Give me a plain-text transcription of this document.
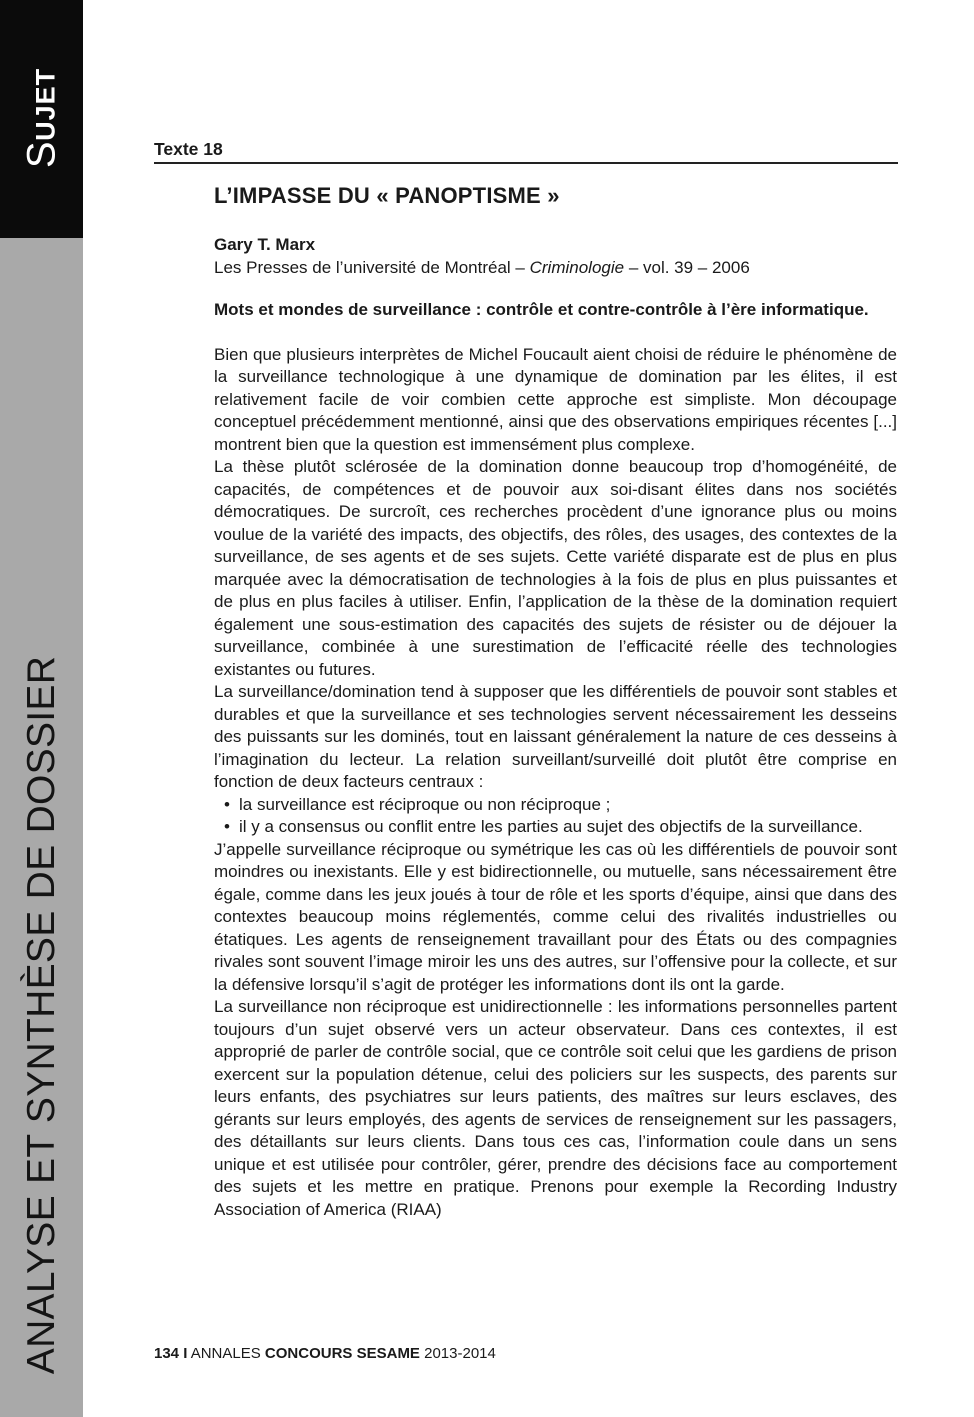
SUJET
ANALYSE ET SYNTHÈSE DE DOSSIER
Texte 18
L’IMPASSE DU « PANOPTISME »
Gary T. Marx
Les Presses de l’université de Montréal – Criminologie – vol. 39 – 2006
Mots et mondes de surveillance : contrôle et contre-contrôle à l’ère informatique.

Bien que plusieurs interprètes de Michel Foucault aient choisi de réduire le phénomène de la surveillance technologique à une dynamique de domination par les élites, il est relativement facile de voir combien cette approche est simpliste. Mon découpage conceptuel précédemment mentionné, ainsi que des observations empiriques récentes [...] montrent bien que la question est immensément plus complexe.

La thèse plutôt sclérosée de la domination donne beaucoup trop d’homogénéité, de capacités, de compétences et de pouvoir aux soi-disant élites dans nos sociétés démocratiques. De surcroît, ces recherches procèdent d’une ignorance plus ou moins voulue de la variété des impacts, des objectifs, des rôles, des usages, des contextes de la surveillance, de ses agents et de ses sujets. Cette variété disparate est de plus en plus marquée avec la démocratisation de technologies à la fois de plus en plus puissantes et de plus en plus faciles à utiliser. Enfin, l’application de la thèse de la domination requiert également une sous-estimation des capacités des sujets de résister ou de déjouer la surveillance, combinée à une surestimation de l’efficacité réelle des technologies existantes ou futures.

La surveillance/domination tend à supposer que les différentiels de pouvoir sont stables et durables et que la surveillance et ses technologies servent nécessairement les desseins des puissants sur les dominés, tout en laissant généralement la nature de ces desseins à l’imagination du lecteur. La relation surveillant/surveillé doit plutôt être comprise en fonction de deux facteurs centraux :

• la surveillance est réciproque ou non réciproque ;
• il y a consensus ou conflit entre les parties au sujet des objectifs de la surveillance.

J’appelle surveillance réciproque ou symétrique les cas où les différentiels de pouvoir sont moindres ou inexistants. Elle y est bidirectionnelle, ou mutuelle, sans nécessairement être égale, comme dans les jeux joués à tour de rôle et les sports d’équipe, ainsi que dans des contextes beaucoup moins réglementés, comme celui des rivalités industrielles ou étatiques. Les agents de renseignement travaillant pour des États ou des compagnies rivales sont souvent l’image miroir les uns des autres, sur l’offensive pour la collecte, et sur la défensive lorsqu’il s’agit de protéger les informations dont ils ont la garde.

La surveillance non réciproque est unidirectionnelle : les informations personnelles partent toujours d’un sujet observé vers un acteur observateur. Dans ces contextes, il est approprié de parler de contrôle social, que ce contrôle soit celui que les gardiens de prison exercent sur la population détenue, celui des policiers sur les suspects, des parents sur leurs enfants, des psychiatres sur leurs patients, des maîtres sur leurs esclaves, des gérants sur leurs employés, des agents de services de renseignement sur les passagers, des détaillants sur leurs clients. Dans tous ces cas, l’information coule dans un sens unique et est utilisée pour contrôler, gérer, prendre des décisions face au comportement des sujets et les mettre en pratique. Prenons pour exemple la Recording Industry Association of America (RIAA)

134 I ANNALES CONCOURS SESAME 2013-2014
